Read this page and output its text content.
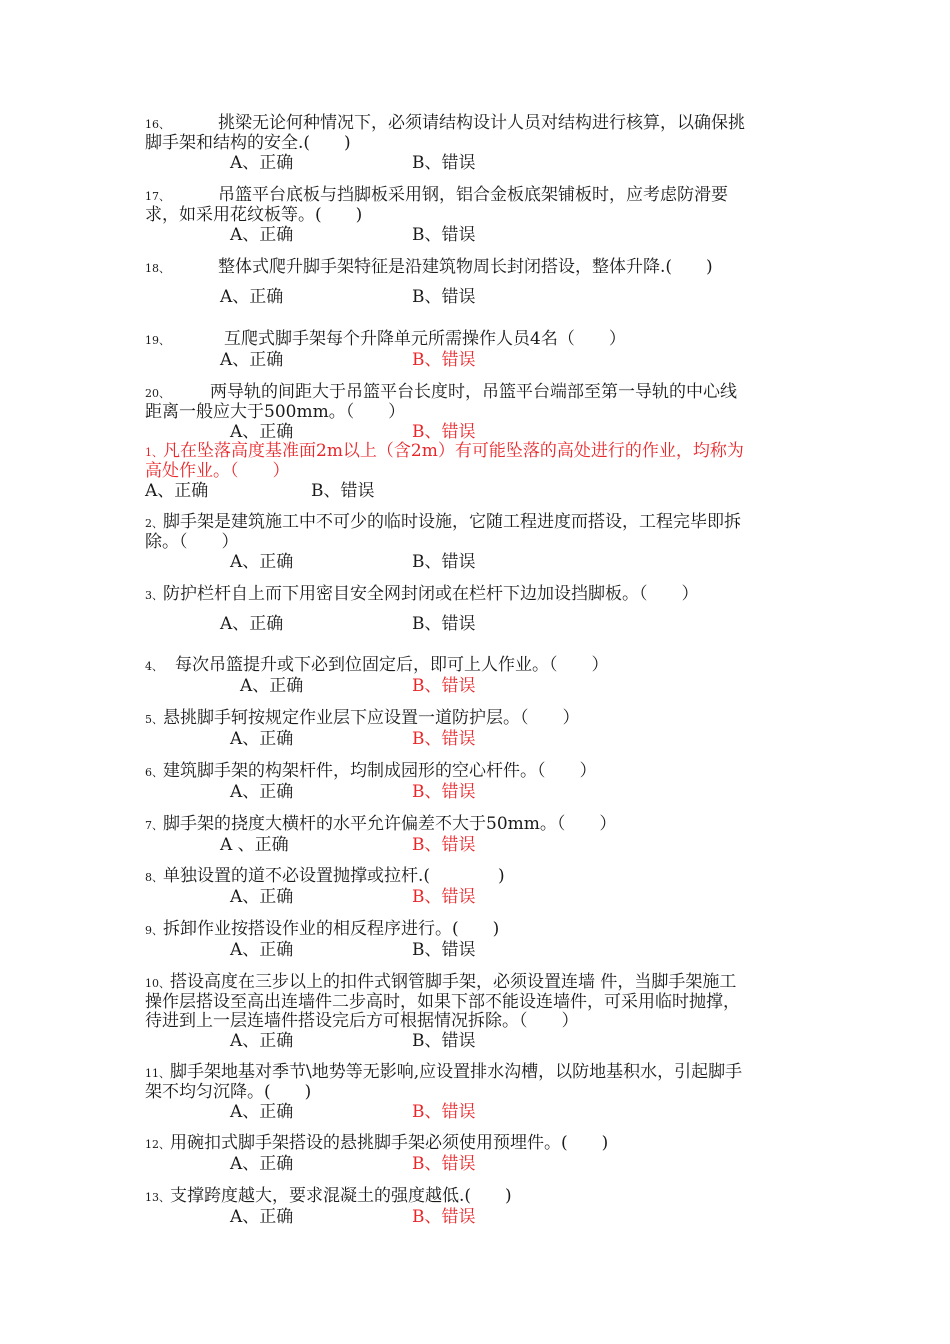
16、	挑梁无论何种情况下，必须请结构设计人员对结构进行核算，以确保挑脚手架和结构的安全.(　　)

A、正确	B、错误

17、	吊篮平台底板与挡脚板采用钢，铝合金板底架铺板时，应考虑防滑要求，如采用花纹板等。(　　)

A、正确	B、错误

18、	整体式爬升脚手架特征是沿建筑物周长封闭搭设，整体升降.(　　)

A、正确	B、错误

19、	互爬式脚手架每个升降单元所需操作人员4名（　　）

A、正确	B、错误

20、 两导轨的间距大于吊篮平台长度时，吊篮平台端部至第一导轨的中心线距离一般应大于500mm。（　　）

A、正确	B、错误

1、凡在坠落高度基准面2m以上（含2m）有可能坠落的高处进行的作业，均称为高处作业。（　　）

A、正确	B、错误

2、脚手架是建筑施工中不可少的临时设施，它随工程进度而搭设，工程完毕即拆除。（　　）

A、正确	B、错误

3、防护栏杆自上而下用密目安全网封闭或在栏杆下边加设挡脚板。（　　）

A、正确	B、错误

4、 每次吊篮提升或下必到位固定后，即可上人作业。（　　）

A、正确	B、错误

5、悬挑脚手轲按规定作业层下应设置一道防护层。（　　）

A、正确	B、错误

6、建筑脚手架的构架杆件，均制成园形的空心杆件。（　　）

A、正确	B、错误

7、脚手架的挠度大横杆的水平允许偏差不大于50mm。（　　）

A 、正确	B、错误

8、单独设置的道不必设置抛撑或拉杆.(　　　　)

A、正确	B、错误

9、拆卸作业按搭设作业的相反程序进行。(　　)

A、正确	B、错误

10、搭设高度在三步以上的扣件式钢管脚手架，必须设置连墙 件，当脚手架施工操作层搭设至高出连墙件二步高时，如果下部不能设连墙件，可采用临时抛撑，待进到上一层连墙件搭设完后方可根据情况拆除。（　　）

A、正确	B、错误

11、脚手架地基对季节\地势等无影响,应设置排水沟槽，以防地基积水，引起脚手架不均匀沉降。(　　)

A、正确	B、错误

12、用碗扣式脚手架搭设的悬挑脚手架必须使用预埋件。(　　)

A、正确	B、错误

13、支撑跨度越大，要求混凝土的强度越低.(　　)

A、正确	B、错误
